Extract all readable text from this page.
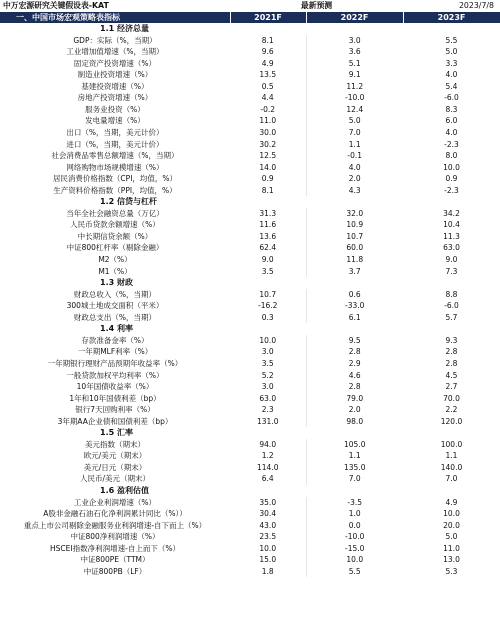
中万宏源研究关键假设表-KAT	最新预测		2023/7/8
一、中国市场宏观策略表指标	2021F	2022F	2023F
1.1 经济总量			
GDP：实际（%，当期）	8.1	3.0	5.5
工业增加值增速（%，当期）	9.6	3.6	5.0
固定资产投资增速（%）	4.9	5.1	3.3
制造业投资增速（%）	13.5	9.1	4.0
基建投资增速（%）	0.5	11.2	5.4
房地产投资增速（%）	4.4	-10.0	-6.0
服务业投资（%）	-0.2	12.4	8.3
发电量增速（%）	11.0	5.0	6.0
出口（%，当期，美元计价）	30.0	7.0	4.0
进口（%，当期，美元计价）	30.2	1.1	-2.3
社会消费品零售总额增速（%，当期）	12.5	-0.1	8.0
网络购物市场规模增速（%）	14.0	4.0	10.0
居民消费价格指数（CPI，均值，%）	0.9	2.0	0.9
生产资料价格指数（PPI，均值，%）	8.1	4.3	-2.3
1.2 信贷与杠杆			
当年全社会融资总量（万亿）	31.3	32.0	34.2
人民币贷款余额增速（%）	11.6	10.9	10.4
中长期信贷余额（%）	13.6	10.7	11.3
中证800杠杆率（剔除金融）	62.4	60.0	63.0
M2（%）	9.0	11.8	9.0
M1（%）	3.5	3.7	7.3
1.3 财政			
财政总收入（%，当期）	10.7	0.6	8.8
300城土地成交面积（平米）	-16.2	-33.0	-6.0
财政总支出（%，当期）	0.3	6.1	5.7
1.4 利率			
存款准备金率（%）	10.0	9.5	9.3
一年期MLF利率（%）	3.0	2.8	2.8
一年期银行理财产品预期年收益率（%）	3.5	2.9	2.8
一般贷款加权平均利率（%）	5.2	4.6	4.5
10年国债收益率（%）	3.0	2.8	2.7
1年和10年国债利差（bp）	63.0	79.0	70.0
银行7天回购利率（%）	2.3	2.0	2.2
3年期AA企业债和国债利差（bp）	131.0	98.0	120.0
1.5 汇率			
美元指数（期末）	94.0	105.0	100.0
欧元/美元（期末）	1.2	1.1	1.1
美元/日元（期末）	114.0	135.0	140.0
人民币/美元（期末）	6.4	7.0	7.0
1.6 盈利估值			
工业企业利润增速（%）	35.0	-3.5	4.9
A股非金融石油石化净利润累计同比（%））	30.4	1.0	10.0
重点上市公司剔除金融服务业利润增速-自下而上（%）	43.0	0.0	20.0
中证800净利润增速（%）	23.5	-10.0	5.0
HSCEI指数净利润增速-自上而下（%）	10.0	-15.0	11.0
中证800PE（TTM）	15.0	10.0	13.0
中证800PB（LF）	1.8	5.5	5.3
